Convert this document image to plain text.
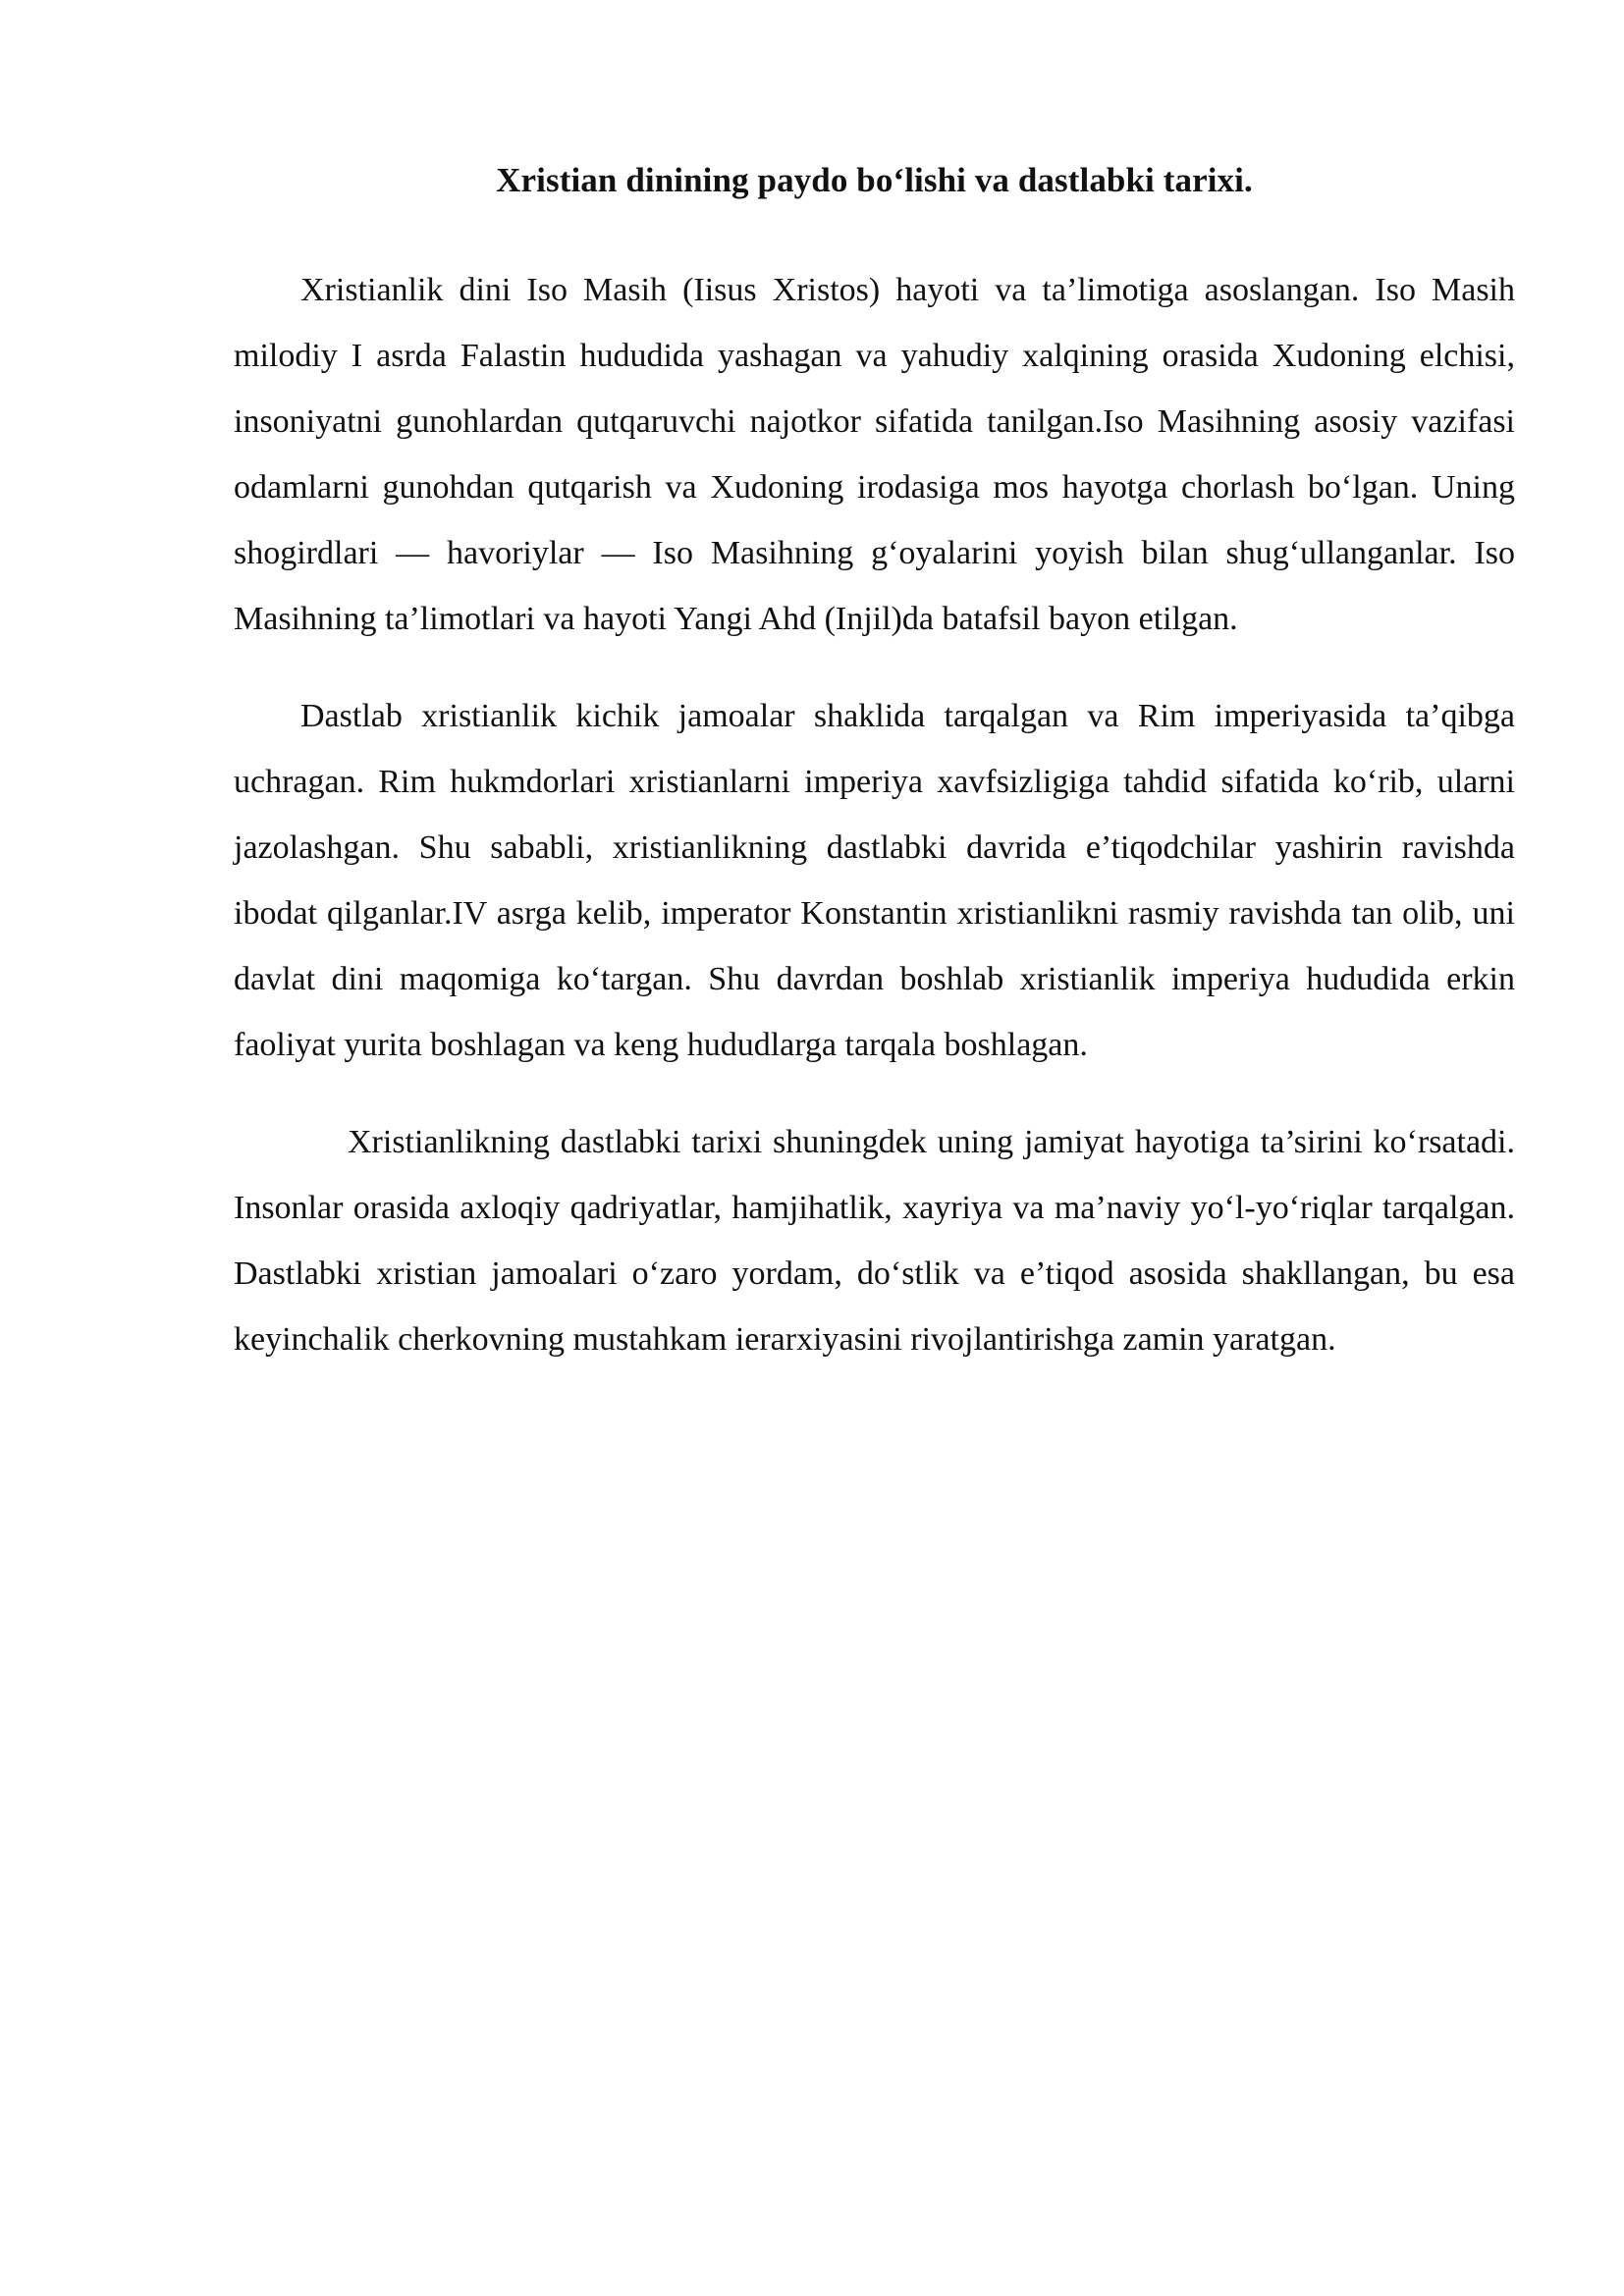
Xristian dinining paydo bo‘lishi va dastlabki tarixi.

Xristianlik dini Iso Masih (Iisus Xristos) hayoti va ta’limotiga asoslangan. Iso Masih milodiy I asrda Falastin hududida yashagan va yahudiy xalqining orasida Xudoning elchisi, insoniyatni gunohlardan qutqaruvchi najotkor sifatida tanilgan.Iso Masihning asosiy vazifasi odamlarni gunohdan qutqarish va Xudoning irodasiga mos hayotga chorlash bo‘lgan. Uning shogirdlari — havoriylar — Iso Masihning g‘oyalarini yoyish bilan shug‘ullanganlar. Iso Masihning ta’limotlari va hayoti Yangi Ahd (Injil)da batafsil bayon etilgan.

Dastlab xristianlik kichik jamoalar shaklida tarqalgan va Rim imperiyasida ta’qibga uchragan. Rim hukmdorlari xristianlarni imperiya xavfsizligiga tahdid sifatida ko‘rib, ularni jazolashgan. Shu sababli, xristianlikning dastlabki davrida e’tiqodchilar yashirin ravishda ibodat qilganlar.IV asrga kelib, imperator Konstantin xristianlikni rasmiy ravishda tan olib, uni davlat dini maqomiga ko‘targan. Shu davrdan boshlab xristianlik imperiya hududida erkin faoliyat yurita boshlagan va keng hududlarga tarqala boshlagan.

Xristianlikning dastlabki tarixi shuningdek uning jamiyat hayotiga ta’sirini ko‘rsatadi. Insonlar orasida axloqiy qadriyatlar, hamjihatlik, xayriya va ma’naviy yo‘l-yo‘riqlar tarqalgan. Dastlabki xristian jamoalari o‘zaro yordam, do‘stlik va e’tiqod asosida shakllangan, bu esa keyinchalik cherkovning mustahkam ierarxiyasini rivojlantirishga zamin yaratgan.
